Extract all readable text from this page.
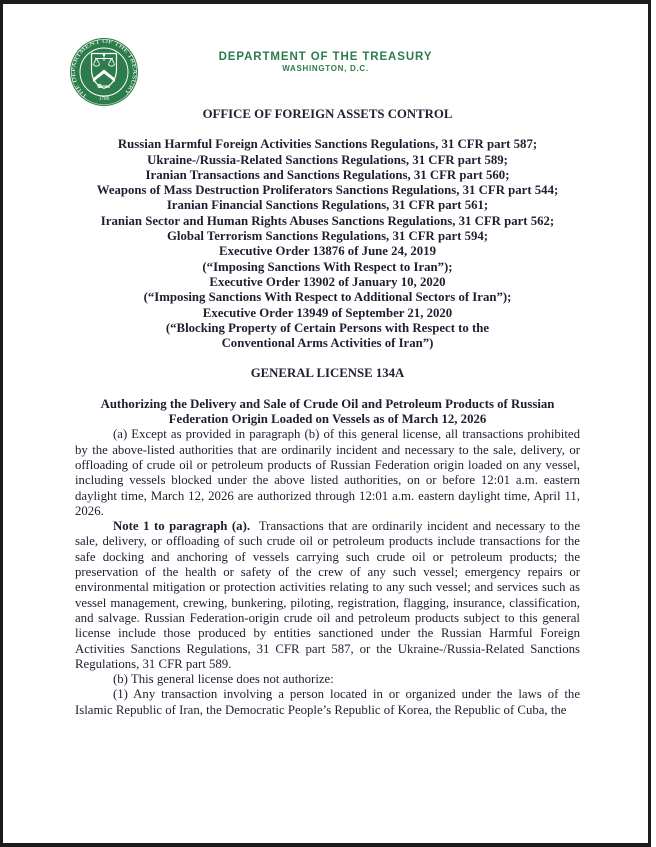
THE DEPARTMENT OF THE TREASURY
1789
DEPARTMENT OF THE TREASURY
WASHINGTON, D.C.
OFFICE OF FOREIGN ASSETS CONTROL
Russian Harmful Foreign Activities Sanctions Regulations, 31 CFR part 587;
Ukraine-/Russia-Related Sanctions Regulations, 31 CFR part 589;
Iranian Transactions and Sanctions Regulations, 31 CFR part 560;
Weapons of Mass Destruction Proliferators Sanctions Regulations, 31 CFR part 544;
Iranian Financial Sanctions Regulations, 31 CFR part 561;
Iranian Sector and Human Rights Abuses Sanctions Regulations, 31 CFR part 562;
Global Terrorism Sanctions Regulations, 31 CFR part 594;
Executive Order 13876 of June 24, 2019
(“Imposing Sanctions With Respect to Iran”);
Executive Order 13902 of January 10, 2020
(“Imposing Sanctions With Respect to Additional Sectors of Iran”);
Executive Order 13949 of September 21, 2020
(“Blocking Property of Certain Persons with Respect to the
Conventional Arms Activities of Iran”)
GENERAL LICENSE 134A
Authorizing the Delivery and Sale of Crude Oil and Petroleum Products of Russian
Federation Origin Loaded on Vessels as of March 12, 2026

(a) Except as provided in paragraph (b) of this general license, all transactions prohibited by the above-listed authorities that are ordinarily incident and necessary to the sale, delivery, or offloading of crude oil or petroleum products of Russian Federation origin loaded on any vessel, including vessels blocked under the above listed authorities, on or before 12:01 a.m. eastern daylight time, March 12, 2026 are authorized through 12:01 a.m. eastern daylight time, April 11, 2026.

Note 1 to paragraph (a). Transactions that are ordinarily incident and necessary to the sale, delivery, or offloading of such crude oil or petroleum products include transactions for the safe docking and anchoring of vessels carrying such crude oil or petroleum products; the preservation of the health or safety of the crew of any such vessel; emergency repairs or environmental mitigation or protection activities relating to any such vessel; and services such as vessel management, crewing, bunkering, piloting, registration, flagging, insurance, classification, and salvage. Russian Federation-origin crude oil and petroleum products subject to this general license include those produced by entities sanctioned under the Russian Harmful Foreign Activities Sanctions Regulations, 31 CFR part 587, or the Ukraine-/Russia-Related Sanctions Regulations, 31 CFR part 589.

(b) This general license does not authorize:

(1) Any transaction involving a person located in or organized under the laws of the Islamic Republic of Iran, the Democratic People’s Republic of Korea, the Republic of Cuba, the
